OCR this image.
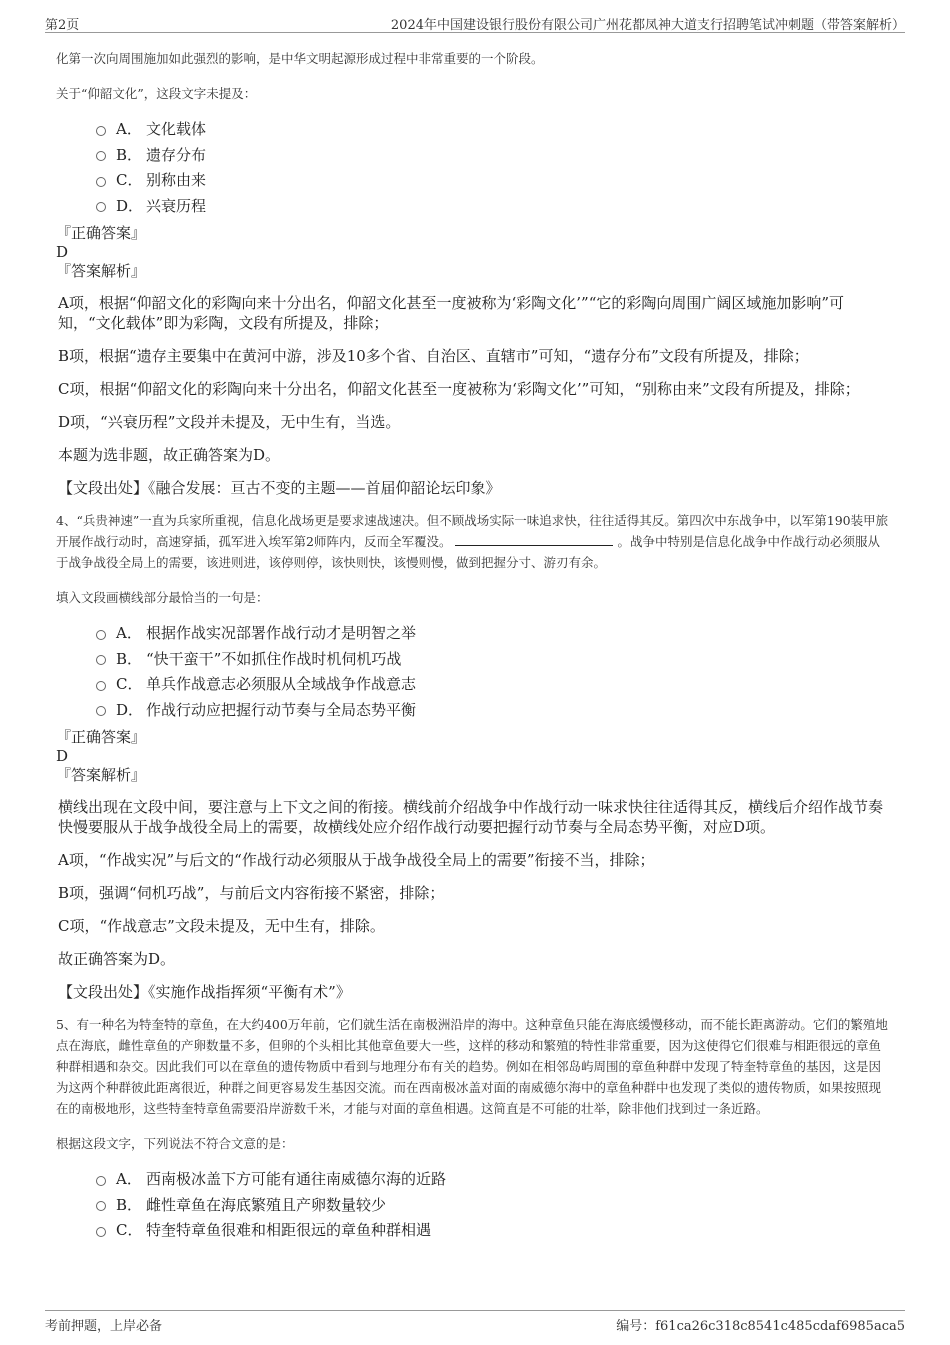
第2页	2024年中国建设银行股份有限公司广州花都凤神大道支行招聘笔试冲刺题（带答案解析）

化第一次向周围施加如此强烈的影响，是中华文明起源形成过程中非常重要的一个阶段。

关于“仰韶文化”，这段文字未提及：

A． 文化载体
B． 遗存分布
C． 别称由来
D． 兴衰历程

『正确答案』

D

『答案解析』

A项，根据“仰韶文化的彩陶向来十分出名，仰韶文化甚至一度被称为‘彩陶文化’”“它的彩陶向周围广阔区域施加影响”可知，“文化载体”即为彩陶，文段有所提及，排除；

B项，根据“遗存主要集中在黄河中游，涉及10多个省、自治区、直辖市”可知，“遗存分布”文段有所提及，排除；

C项，根据“仰韶文化的彩陶向来十分出名，仰韶文化甚至一度被称为‘彩陶文化’”可知，“别称由来”文段有所提及，排除；

D项，“兴衰历程”文段并未提及，无中生有，当选。

本题为选非题，故正确答案为D。

【文段出处】《融合发展：亘古不变的主题——首届仰韶论坛印象》

4、“兵贵神速”一直为兵家所重视，信息化战场更是要求速战速决。但不顾战场实际一味追求快，往往适得其反。第四次中东战争中，以军第190装甲旅开展作战行动时，高速穿插，孤军进入埃军第2师阵内，反而全军覆没。	。战争中特别是信息化战争中作战行动必须服从于战争战役全局上的需要，该进则进，该停则停，该快则快，该慢则慢，做到把握分寸、游刃有余。

填入文段画横线部分最恰当的一句是：

A． 根据作战实况部署作战行动才是明智之举
B． “快干蛮干”不如抓住作战时机伺机巧战
C． 单兵作战意志必须服从全域战争作战意志
D． 作战行动应把握行动节奏与全局态势平衡

『正确答案』

D

『答案解析』

横线出现在文段中间，要注意与上下文之间的衔接。横线前介绍战争中作战行动一味求快往往适得其反，横线后介绍作战节奏快慢要服从于战争战役全局上的需要，故横线处应介绍作战行动要把握行动节奏与全局态势平衡，对应D项。

A项，“作战实况”与后文的“作战行动必须服从于战争战役全局上的需要”衔接不当，排除；

B项，强调“伺机巧战”，与前后文内容衔接不紧密，排除；

C项，“作战意志”文段未提及，无中生有，排除。

故正确答案为D。

【文段出处】《实施作战指挥须“平衡有术”》

5、有一种名为特奎特的章鱼，在大约400万年前，它们就生活在南极洲沿岸的海中。这种章鱼只能在海底缓慢移动，而不能长距离游动。它们的繁殖地点在海底，雌性章鱼的产卵数量不多，但卵的个头相比其他章鱼要大一些，这样的移动和繁殖的特性非常重要，因为这使得它们很难与相距很远的章鱼种群相遇和杂交。因此我们可以在章鱼的遗传物质中看到与地理分布有关的趋势。例如在相邻岛屿周围的章鱼种群中发现了特奎特章鱼的基因，这是因为这两个种群彼此距离很近，种群之间更容易发生基因交流。而在西南极冰盖对面的南威德尔海中的章鱼种群中也发现了类似的遗传物质，如果按照现在的南极地形，这些特奎特章鱼需要沿岸游数千米，才能与对面的章鱼相遇。这简直是不可能的壮举，除非他们找到过一条近路。

根据这段文字，下列说法不符合文意的是：

A． 西南极冰盖下方可能有通往南威德尔海的近路
B． 雌性章鱼在海底繁殖且产卵数量较少
C． 特奎特章鱼很难和相距很远的章鱼种群相遇
考前押题，上岸必备	编号：f61ca26c318c8541c485cdaf6985aca5
